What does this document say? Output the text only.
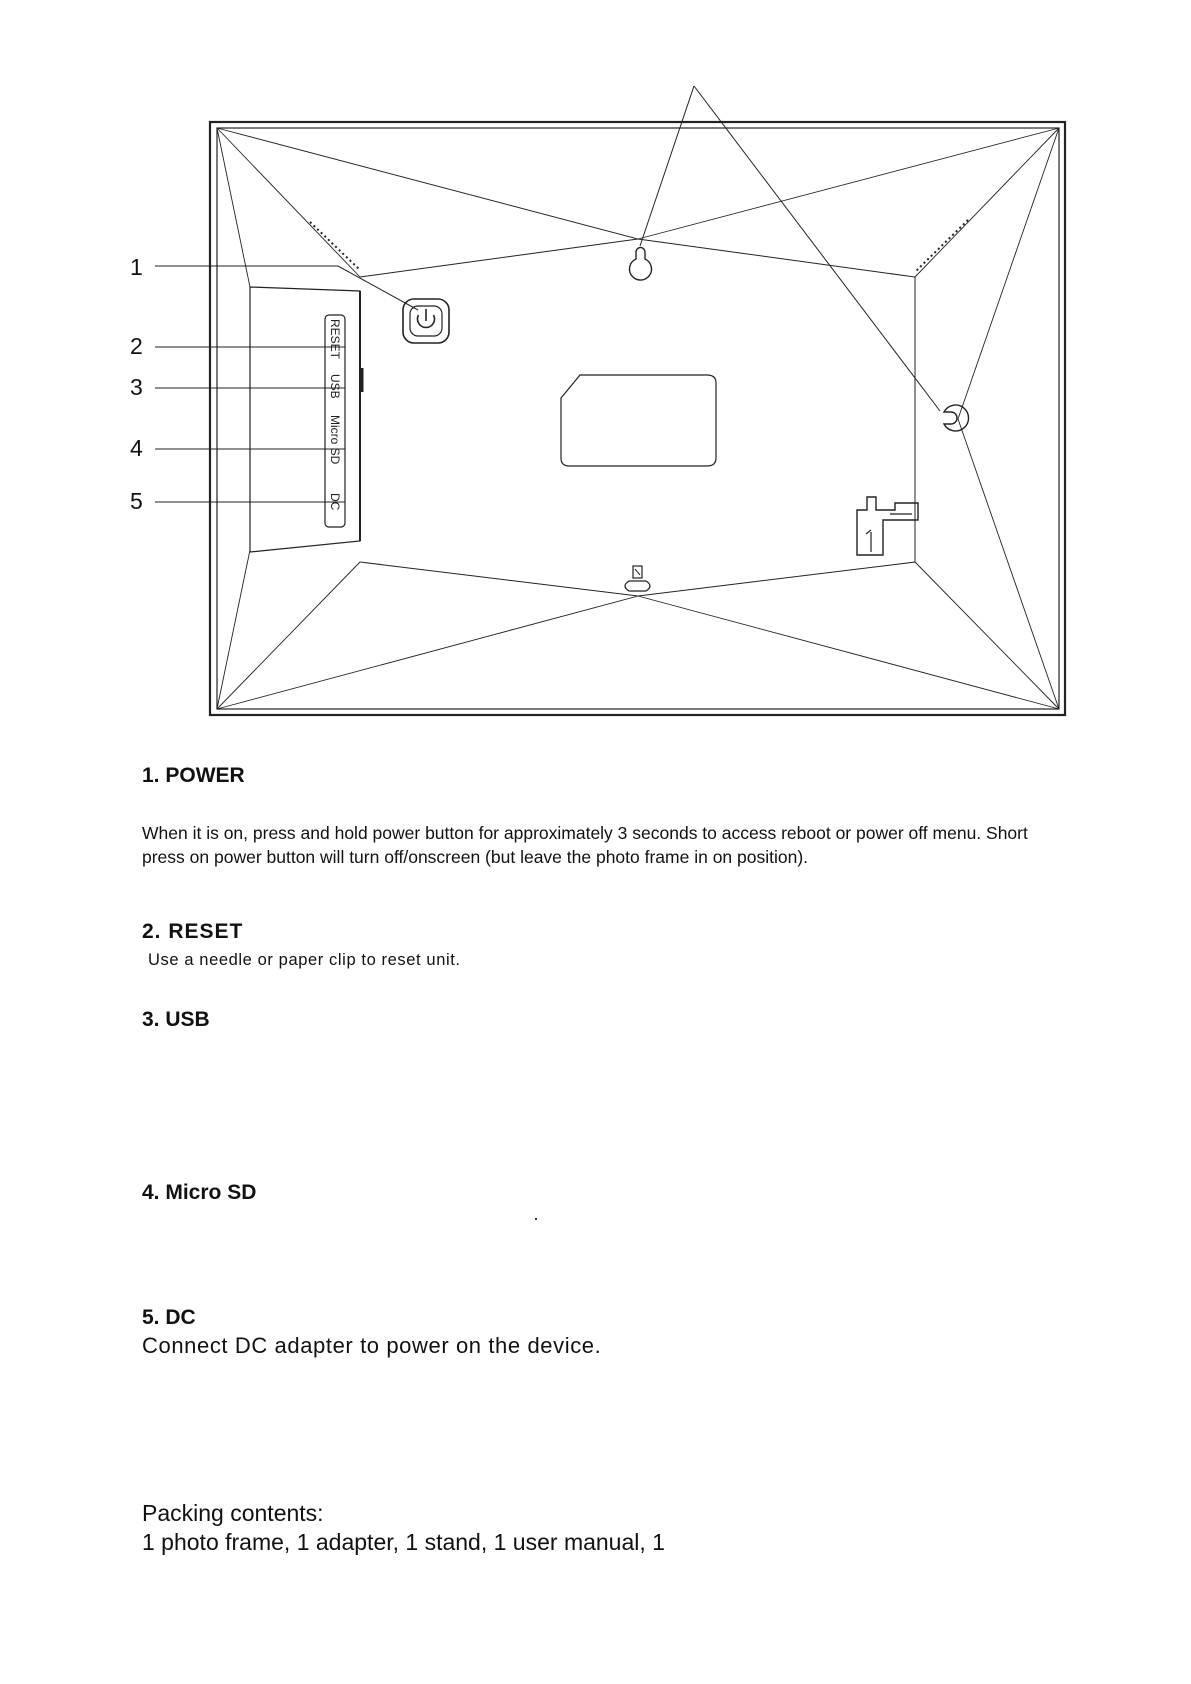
RESET
USB
Micro SD
DC
1
2
3
4
5
1. POWER

When it is on, press and hold power button for approximately 3 seconds to access reboot or power off menu. Short press on power button will turn off/onscreen (but leave the photo frame in on position).

2. RESET

Use a needle or paper clip to reset unit.

3. USB
4. Micro SD
5. DC

Connect DC adapter to power on the device.

Packing contents:

1 photo frame, 1 adapter, 1 stand, 1 user manual, 1
